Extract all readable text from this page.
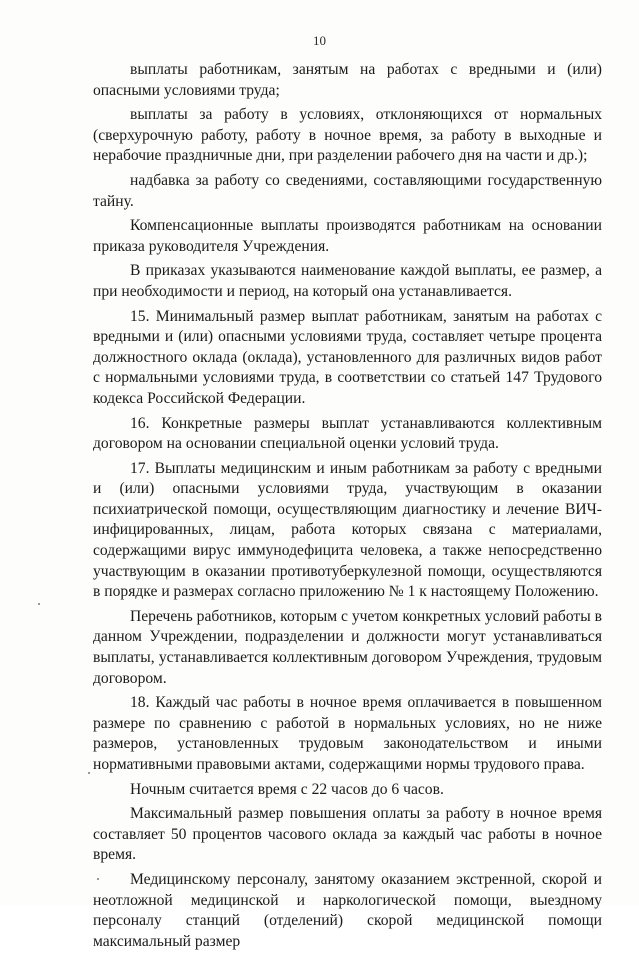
10

выплаты работникам, занятым на работах с вредными и (или) опасными условиями труда;

выплаты за работу в условиях, отклоняющихся от нормальных (сверхурочную работу, работу в ночное время, за работу в выходные и нерабочие праздничные дни, при разделении рабочего дня на части и др.);

надбавка за работу со сведениями, составляющими государственную тайну.

Компенсационные выплаты производятся работникам на основании приказа руководителя Учреждения.

В приказах указываются наименование каждой выплаты, ее размер, а при необходимости и период, на который она устанавливается.

15. Минимальный размер выплат работникам, занятым на работах с вредными и (или) опасными условиями труда, составляет четыре процента должностного оклада (оклада), установленного для различных видов работ с нормальными условиями труда, в соответствии со статьей 147 Трудового кодекса Российской Федерации.

16. Конкретные размеры выплат устанавливаются коллективным договором на основании специальной оценки условий труда.

17. Выплаты медицинским и иным работникам за работу с вредными и (или) опасными условиями труда, участвующим в оказании психиатрической помощи, осуществляющим диагностику и лечение ВИЧ-инфицированных, лицам, работа которых связана с материалами, содержащими вирус иммунодефицита человека, а также непосредственно участвующим в оказании противотуберкулезной помощи, осуществляются в порядке и размерах согласно приложению № 1 к настоящему Положению.

Перечень работников, которым с учетом конкретных условий работы в данном Учреждении, подразделении и должности могут устанавливаться выплаты, устанавливается коллективным договором Учреждения, трудовым договором.

18. Каждый час работы в ночное время оплачивается в повышенном размере по сравнению с работой в нормальных условиях, но не ниже размеров, установленных трудовым законодательством и иными нормативными правовыми актами, содержащими нормы трудового права.

Ночным считается время с 22 часов до 6 часов.

Максимальный размер повышения оплаты за работу в ночное время составляет 50 процентов часового оклада за каждый час работы в ночное время.

Медицинскому персоналу, занятому оказанием экстренной, скорой и неотложной медицинской и наркологической помощи, выездному персоналу станций (отделений) скорой медицинской помощи максимальный размер
